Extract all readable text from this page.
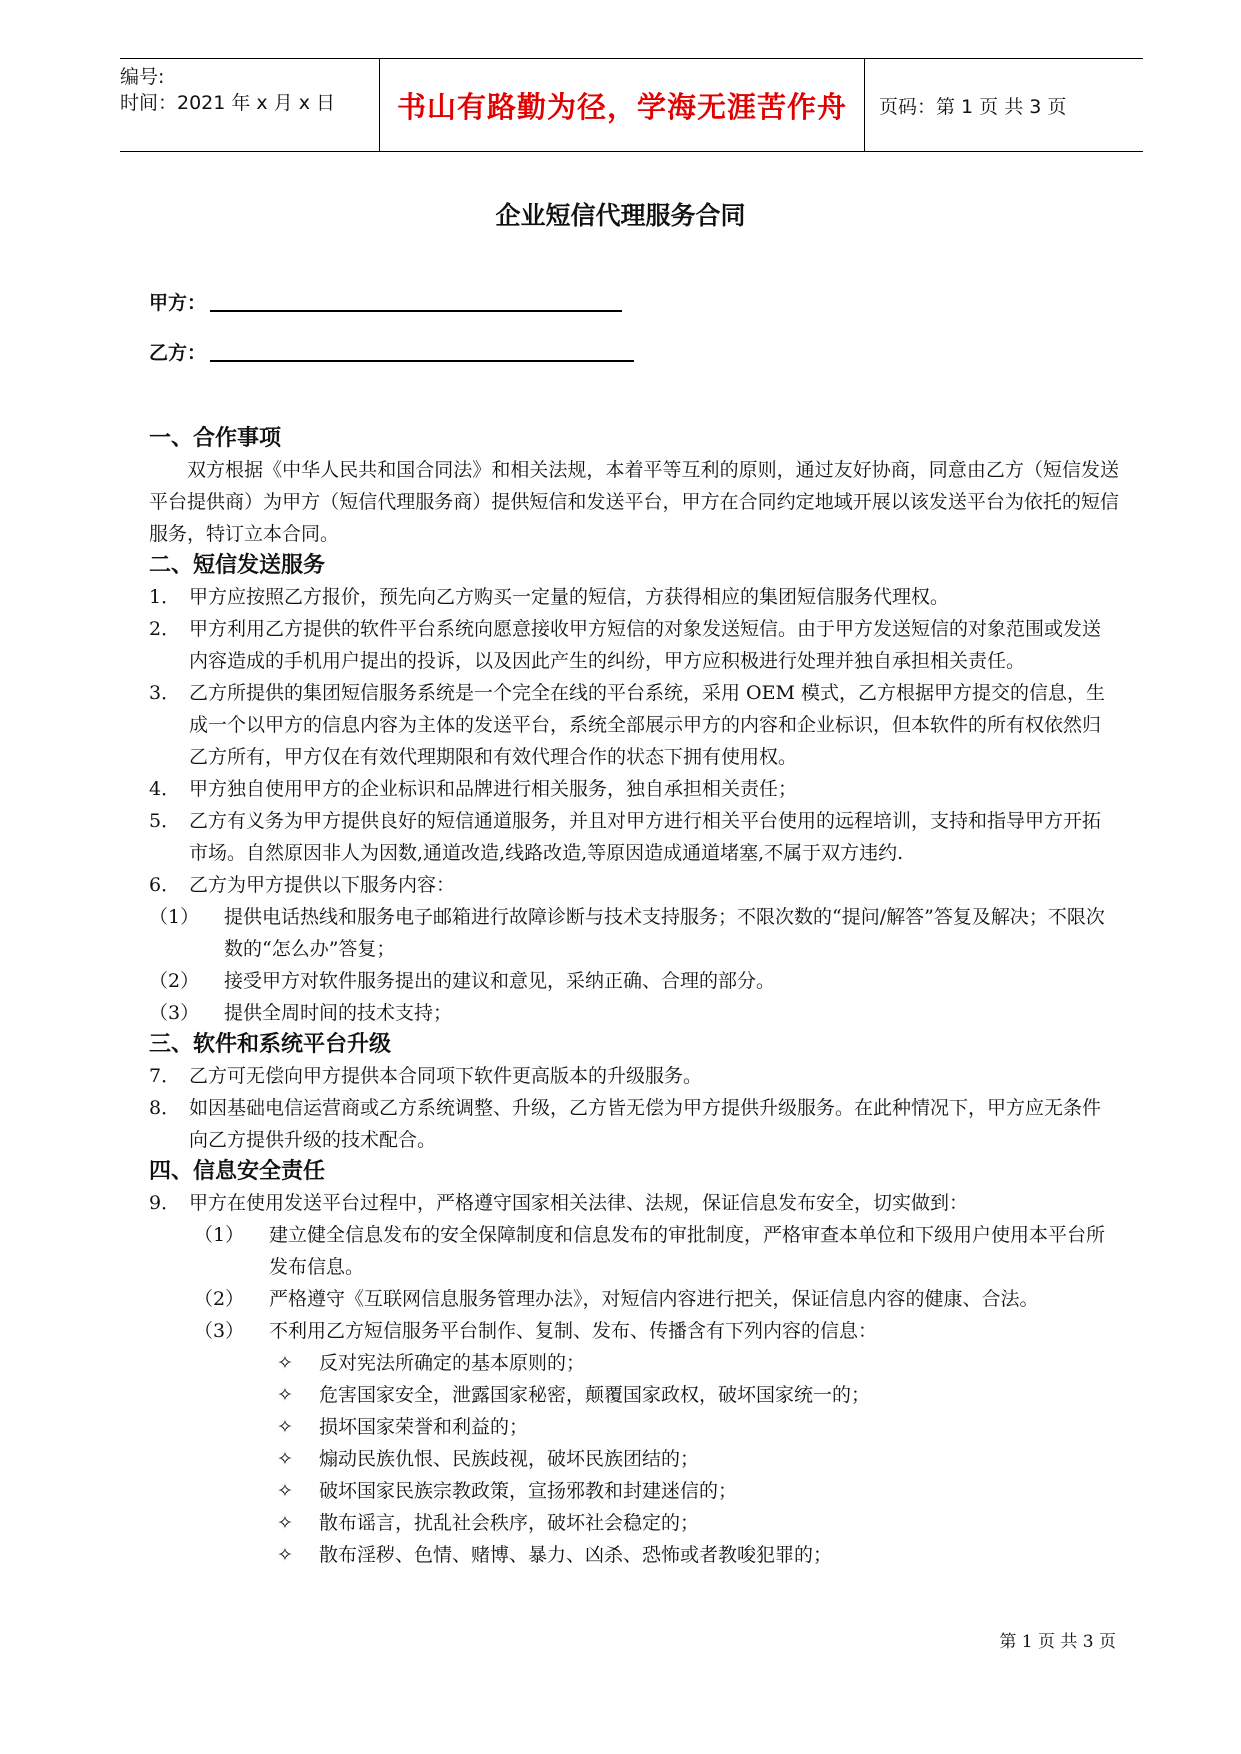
编号:
时间：2021 年 x 月 x 日	书山有路勤为径，学海无涯苦作舟	页码：第 1 页 共 3 页
企业短信代理服务合同
甲方：
乙方：
一、合作事项
双方根据《中华人民共和国合同法》和相关法规，本着平等互利的原则，通过友好协商，同意由乙方（短信发送平台提供商）为甲方（短信代理服务商）提供短信和发送平台，甲方在合同约定地域开展以该发送平台为依托的短信服务，特订立本合同。
二、短信发送服务
1． 甲方应按照乙方报价，预先向乙方购买一定量的短信，方获得相应的集团短信服务代理权。
2． 甲方利用乙方提供的软件平台系统向愿意接收甲方短信的对象发送短信。由于甲方发送短信的对象范围或发送内容造成的手机用户提出的投诉，以及因此产生的纠纷，甲方应积极进行处理并独自承担相关责任。
3． 乙方所提供的集团短信服务系统是一个完全在线的平台系统，采用 OEM 模式，乙方根据甲方提交的信息，生成一个以甲方的信息内容为主体的发送平台，系统全部展示甲方的内容和企业标识，但本软件的所有权依然归乙方所有，甲方仅在有效代理期限和有效代理合作的状态下拥有使用权。
4． 甲方独自使用甲方的企业标识和品牌进行相关服务，独自承担相关责任；
5． 乙方有义务为甲方提供良好的短信通道服务，并且对甲方进行相关平台使用的远程培训，支持和指导甲方开拓市场。自然原因非人为因数,通道改造,线路改造,等原因造成通道堵塞,不属于双方违约.
6． 乙方为甲方提供以下服务内容：
（1）	提供电话热线和服务电子邮箱进行故障诊断与技术支持服务；不限次数的“提问/解答”答复及解决；不限次数的“怎么办”答复；
（2）	接受甲方对软件服务提出的建议和意见，采纳正确、合理的部分。
（3）	提供全周时间的技术支持；
三、软件和系统平台升级
7． 乙方可无偿向甲方提供本合同项下软件更高版本的升级服务。
8． 如因基础电信运营商或乙方系统调整、升级，乙方皆无偿为甲方提供升级服务。在此种情况下，甲方应无条件向乙方提供升级的技术配合。
四、信息安全责任
9． 甲方在使用发送平台过程中，严格遵守国家相关法律、法规，保证信息发布安全，切实做到：
（1）	建立健全信息发布的安全保障制度和信息发布的审批制度，严格审查本单位和下级用户使用本平台所发布信息。
（2）	严格遵守《互联网信息服务管理办法》，对短信内容进行把关，保证信息内容的健康、合法。
（3）	不利用乙方短信服务平台制作、复制、发布、传播含有下列内容的信息：
✧	反对宪法所确定的基本原则的；
✧	危害国家安全，泄露国家秘密，颠覆国家政权，破坏国家统一的；
✧	损坏国家荣誉和利益的；
✧	煽动民族仇恨、民族歧视，破坏民族团结的；
✧	破坏国家民族宗教政策，宣扬邪教和封建迷信的；
✧	散布谣言，扰乱社会秩序，破坏社会稳定的；
✧	散布淫秽、色情、赌博、暴力、凶杀、恐怖或者教唆犯罪的；
第 1 页 共 3 页
